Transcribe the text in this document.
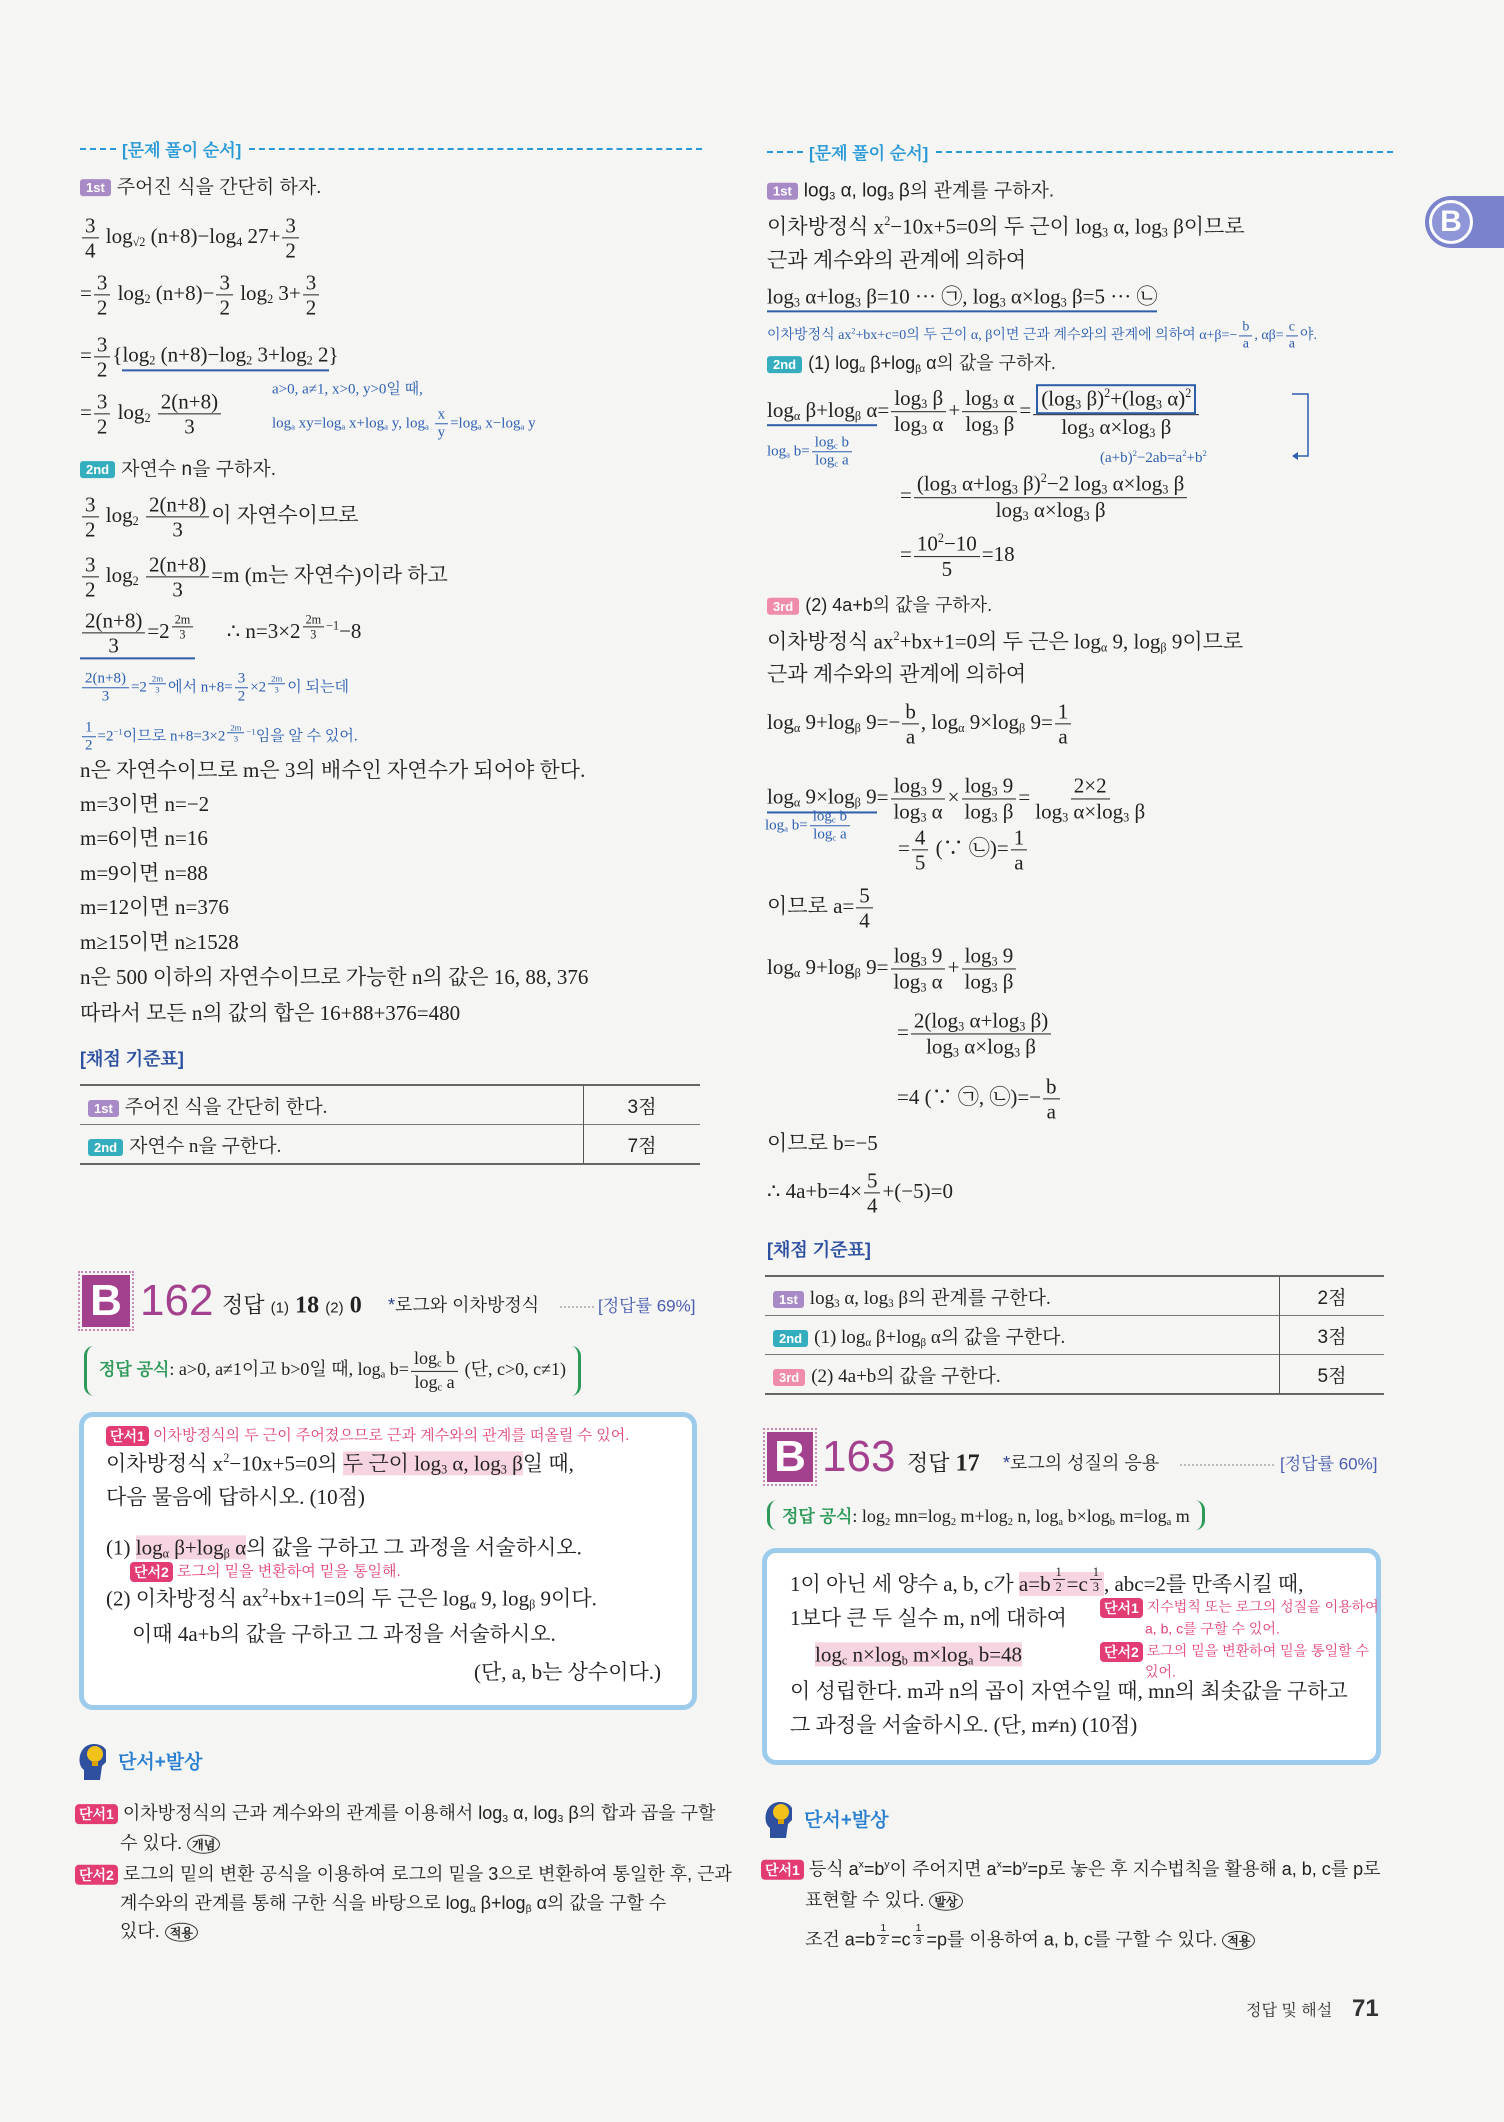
B
[문제 풀이 순서]
1st 주어진 식을 간단히 하자.
$\frac{3}{4} \log_{√2} (n+8)-\log_4$ $27+ \frac{3}{2}$
= $\frac{3}{2} \log_2 (n+8)- \frac{3}{2} \log_2 3+ \frac{3}{2}$
= $\frac{3}{2} \{\log_2$ $(n+8)-\log_2$ $3+\log_2$ 2}
a>0, a≠1, x>0, y>0일 때,
= $\frac{3}{2} \log_2 \frac{2(n+8)}{3}$	$\log_a xy=\log_a$ $x+\log_a$ y, $\log_a \frac{x}{y} =\log_a$ $x-\log_a$ y
2nd 자연수 n을 구하자.
$\frac{3}{2} \log_2 \frac{2(n+8)}{3}$ 이 자연수이므로
$\frac{3}{2} \log_2 \frac{2(n+8)}{3} =m$ (m는 자연수)이라 하고
$\frac{2(n+8)}{3} =2$ $^{\frac{2m}{3}}$ ∴ n=3×2 $^{\frac{2m}{3} -1}$−8
$\frac{2(n+8)}{3} =2$ $^{\frac{2m}{3}}$ 에서 $n+8= \frac{3}{2} \times 2$ $^{\frac{2m}{3}}$ 이 되는데
$\frac{1}{2} =2^{-1}$이므로 n+8=3×2 $^{\frac{2m}{3} -1}$임을 알 수 있어.
n은 자연수이므로 m은 3의 배수인 자연수가 되어야 한다.
m=3이면 n=−2
m=6이면 n=16
m=9이면 n=88
m=12이면 n=376
m≥15이면 n≥1528
n은 500 이하의 자연수이므로 가능한 n의 값은 16, 88, 376
따라서 모든 n의 값의 합은 16+88+376=480
[채점 기준표]
1st 주어진 식을 간단히 한다.	3점
2nd 자연수 n을 구한다.	7점
B 162 정답 (1) 18 (2) 0 *로그와 이차방정식	[정답률 69%]
정답 공식: a>0, a≠1이고 b>0일 때, $\log_a b= \frac{\log_c b}{\log_c a}$ (단, c>0, c≠1)
단서1 이차방정식의 두 근이 주어졌으므로 근과 계수와의 관계를 떠올릴 수 있어.
이차방정식 $x^2-10x+5=0$의 두 근이 $\log_3 \alpha$, $\log_3 \beta$일 때,
다음 물음에 답하시오. (10점)
(1) $\log_\alpha \beta+\log_\beta$ α의 값을 구하고 그 과정을 서술하시오.
단서2 로그의 밑을 변환하여 밑을 통일해.
(2) 이차방정식 $ax^2+bx+1=0$의 두 근은 $\log_\alpha 9$, $\log_\beta 9$이다.
이때 4a+b의 값을 구하고 그 과정을 서술하시오.
(단, a, b는 상수이다.)
단서+발상
단서1 이차방정식의 근과 계수와의 관계를 이용해서 $\log_3 \alpha$, $\log_3 \beta$의 합과 곱을 구할
수 있다. 개념
단서2 로그의 밑의 변환 공식을 이용하여 로그의 밑을 3으로 변환하여 통일한 후, 근과
계수와의 관계를 통해 구한 식을 바탕으로 $\log_\alpha \beta+\log_\beta$ α의 값을 구할 수
있다. 적용
[문제 풀이 순서]
1st $\log_3 \alpha$, $\log_3 \beta$의 관계를 구하자.
이차방정식 $x^2-10x+5=0$의 두 근이 $\log_3 \alpha$, $\log_3 \beta$이므로
근과 계수와의 관계에 의하여
$\log_3 \alpha+\log_3$ β=10 ··· ㉠, $\log_3 \alpha\times\log_3$ β=5 ··· ㉡
이차방정식 $ax^2+bx+c=0$의 두 근이 α, β이면 근과 계수와의 관계에 의하여 $\alpha+\beta=- \frac{b}{a}$ , $\alpha\beta= \frac{c}{a}$ 야.
2nd (1) $\log_\alpha \beta+\log_\beta$ α의 값을 구하자.
$\log_\alpha \beta+\log_\beta$ $\alpha= \frac{\log_3 \beta}{\log_3 \alpha} + \frac{\log_3 \alpha}{\log_3 \beta} = \frac{(\log_3 \beta)^2+(\log_3 \alpha)^2}{\log_3 \alpha\times\log_3 \beta}$
$\log_a b= \frac{\log_c b}{\log_c a}$	$(a+b)^2-2ab=a^2+b^2$
= $\frac{(\log_3 \alpha+\log_3 \beta)^2-2 \log_3 \alpha\times\log_3 \beta}{\log_3 \alpha\times\log_3 \beta}$
= $\frac{10^2-10}{5} =18$
3rd (2) 4a+b의 값을 구하자.
이차방정식 $ax^2+bx+1=0$의 두 근은 $\log_\alpha 9$, $\log_\beta 9$이므로
근과 계수와의 관계에 의하여
$\log_\alpha 9+\log_\beta$ $9=- \frac{b}{a}$ , $\log_\alpha 9\times\log_\beta$ $9= \frac{1}{a}$
$\log_\alpha 9\times\log_\beta$ $9= \frac{\log_3 9}{\log_3 \alpha} \times \frac{\log_3 9}{\log_3 \beta} = \frac{2\times 2}{\log_3 \alpha\times\log_3 \beta}$
$\log_a b= \frac{\log_c b}{\log_c a}$
= $\frac{4}{5}$ (∵ ㉡)= $\frac{1}{a}$
이므로 $a= \frac{5}{4}$
$\log_\alpha 9+\log_\beta$ $9= \frac{\log_3 9}{\log_3 \alpha} + \frac{\log_3 9}{\log_3 \beta}$
= $\frac{2(\log_3 \alpha+\log_3 \beta)}{\log_3 \alpha\times\log_3 \beta}$
=4 (∵ ㉠, ㉡)=− $\frac{b}{a}$
이므로 b=−5
∴ $4a+b=4\times \frac{5}{4} +(-5)=0$
[채점 기준표]
1st $\log_3 \alpha$, $\log_3 \beta$의 관계를 구한다.	2점
2nd (1) $\log_\alpha \beta+\log_\beta$ α의 값을 구한다.	3점
3rd (2) 4a+b의 값을 구한다.	5점
B 163 정답 17 *로그의 성질의 응용	[정답률 60%]
정답 공식: $\log_2 mn=\log_2$ $m+\log_2$ n, $\log_a b\times\log_b$ $m=\log_a$ m
1이 아닌 세 양수 a, b, c가 a=b $^{\frac{1}{2}}$ =c $^{\frac{1}{3}}$ , abc=2를 만족시킬 때,
1보다 큰 두 실수 m, n에 대하여
$\log_c n\times\log_b$ $m\times\log_a$ b=48
이 성립한다. m과 n의 곱이 자연수일 때, mn의 최솟값을 구하고
그 과정을 서술하시오. (단, m≠n) (10점)
단서1 지수법칙 또는 로그의 성질을 이용하여
a, b, c를 구할 수 있어.
단서2 로그의 밑을 변환하여 밑을 통일할 수
있어.
단서+발상
단서1 등식 $a^x=b^y$이 주어지면 $a^x=b^y=p$로 놓은 후 지수법칙을 활용해 a, b, c를 p로
표현할 수 있다. 발상
조건 a=b $^{\frac{1}{2}}$ =c $^{\frac{1}{3}}$ =p를 이용하여 a, b, c를 구할 수 있다. 적용
정답 및 해설 71
